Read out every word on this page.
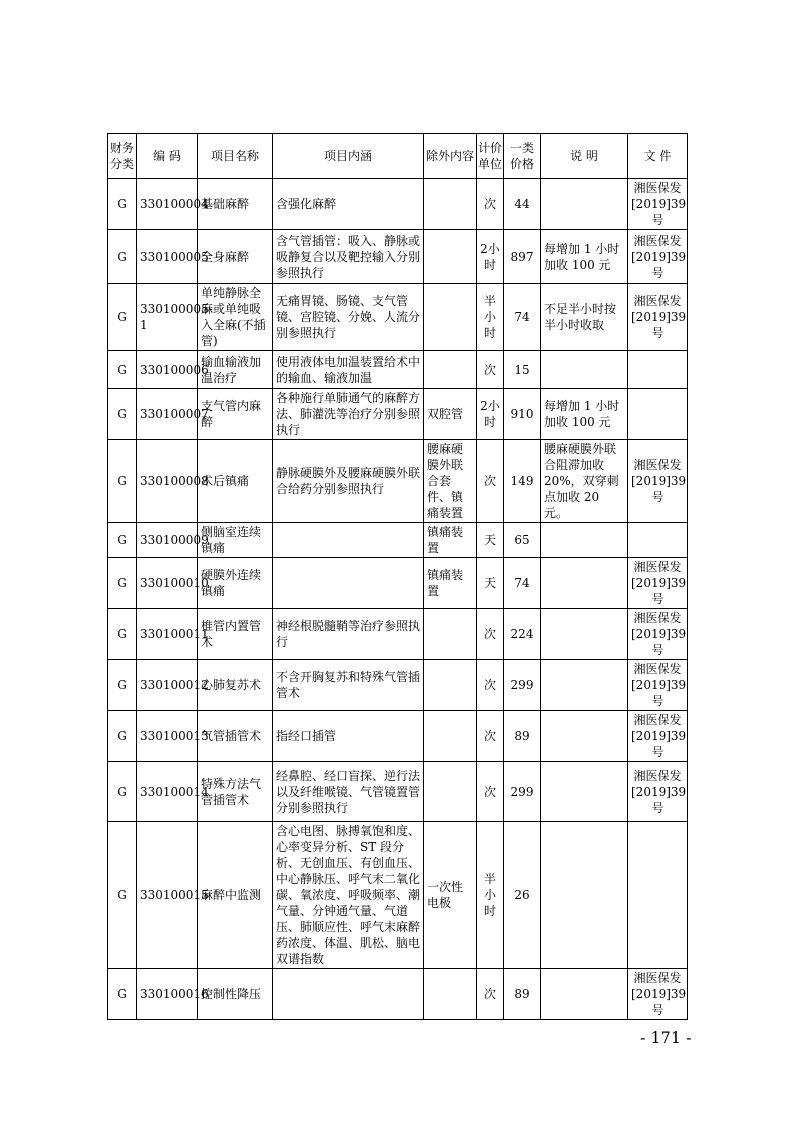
财务分类	编 码	项目名称	项目内涵	除外内容	计价单位	一类价格	说 明	文 件
G	330100004	基础麻醉	含强化麻醉		次	44		湘医保发[2019]39号
G	330100005	全身麻醉	含气管插管：吸入、静脉或吸静复合以及靶控输入分别参照执行		2小时	897	每增加 1 小时加收 100 元	湘医保发[2019]39号
G	330100005-1	单纯静脉全麻或单纯吸入全麻(不插管)	无痛胃镜、肠镜、支气管镜、宫腔镜、分娩、人流分别参照执行		半小时	74	不足半小时按半小时收取	湘医保发[2019]39号
G	330100006	输血输液加温治疗	使用液体电加温装置给术中的输血、输液加温		次	15		
G	330100007	支气管内麻醉	各种施行单肺通气的麻醉方法、肺灌洗等治疗分别参照执行	双腔管	2小时	910	每增加 1 小时加收 100 元	
G	330100008	术后镇痛	静脉硬膜外及腰麻硬膜外联合给药分别参照执行	腰麻硬膜外联合套件、镇痛装置	次	149	腰麻硬膜外联合阻滞加收20%，双穿刺点加收 20 元。	湘医保发[2019]39号
G	330100009	侧脑室连续镇痛		镇痛装置	天	65		
G	330100010	硬膜外连续镇痛		镇痛装置	天	74		湘医保发[2019]39号
G	330100011	椎管内置管术	神经根脱髓鞘等治疗参照执行		次	224		湘医保发[2019]39号
G	330100012	心肺复苏术	不含开胸复苏和特殊气管插管术		次	299		湘医保发[2019]39号
G	330100013	气管插管术	指经口插管		次	89		湘医保发[2019]39号
G	330100014	特殊方法气管插管术	经鼻腔、经口盲探、逆行法以及纤维喉镜、气管镜置管分别参照执行		次	299		湘医保发[2019]39号
G	330100015	麻醉中监测	含心电图、脉搏氧饱和度、心率变异分析、ST 段分析、无创血压、有创血压、中心静脉压、呼气末二氧化碳、氧浓度、呼吸频率、潮气量、分钟通气量、气道压、肺顺应性、呼气末麻醉药浓度、体温、肌松、脑电双谱指数	一次性电极	半小时	26		
G	330100016	控制性降压			次	89		湘医保发[2019]39号
- 171 -
